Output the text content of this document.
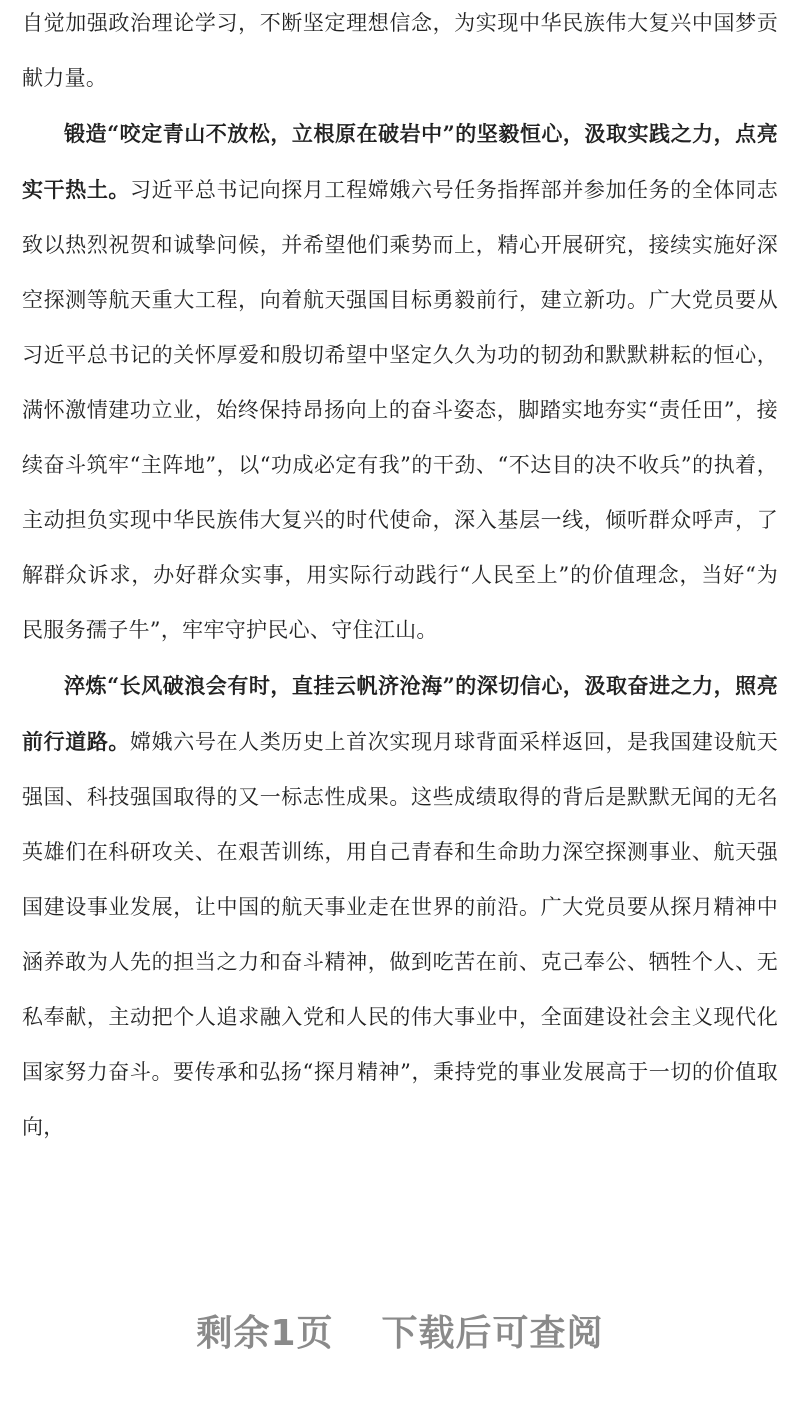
自觉加强政治理论学习，不断坚定理想信念，为实现中华民族伟大复兴中国梦贡献力量。

锻造“咬定青山不放松，立根原在破岩中”的坚毅恒心，汲取实践之力，点亮实干热土。习近平总书记向探月工程嫦娥六号任务指挥部并参加任务的全体同志致以热烈祝贺和诚挚问候，并希望他们乘势而上，精心开展研究，接续实施好深空探测等航天重大工程，向着航天强国目标勇毅前行，建立新功。广大党员要从习近平总书记的关怀厚爱和殷切希望中坚定久久为功的韧劲和默默耕耘的恒心，满怀激情建功立业，始终保持昂扬向上的奋斗姿态，脚踏实地夯实“责任田”，接续奋斗筑牢“主阵地”，以“功成必定有我”的干劲、“不达目的决不收兵”的执着，主动担负实现中华民族伟大复兴的时代使命，深入基层一线，倾听群众呼声，了解群众诉求，办好群众实事，用实际行动践行“人民至上”的价值理念，当好“为民服务孺子牛”，牢牢守护民心、守住江山。

淬炼“长风破浪会有时，直挂云帆济沧海”的深切信心，汲取奋进之力，照亮前行道路。嫦娥六号在人类历史上首次实现月球背面采样返回，是我国建设航天强国、科技强国取得的又一标志性成果。这些成绩取得的背后是默默无闻的无名英雄们在科研攻关、在艰苦训练，用自己青春和生命助力深空探测事业、航天强国建设事业发展，让中国的航天事业走在世界的前沿。广大党员要从探月精神中涵养敢为人先的担当之力和奋斗精神，做到吃苦在前、克己奉公、牺牲个人、无私奉献，主动把个人追求融入党和人民的伟大事业中，全面建设社会主义现代化国家努力奋斗。要传承和弘扬“探月精神”，秉持党的事业发展高于一切的价值取向，

剩余1页 下载后可查阅
